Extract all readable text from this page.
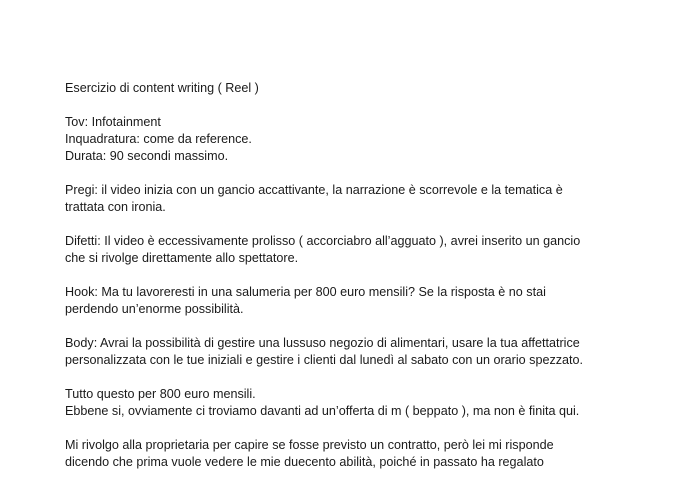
Esercizio di content writing ( Reel )

Tov: Infotainment
Inquadratura: come da reference.
Durata: 90 secondi massimo.

Pregi: il video inizia con un gancio accattivante, la narrazione è scorrevole e la tematica è
trattata con ironia.

Difetti: Il video è eccessivamente prolisso ( accorciabro all’agguato ), avrei inserito un gancio
che si rivolge direttamente allo spettatore.

Hook: Ma tu lavoreresti in una salumeria per 800 euro mensili? Se la risposta è no stai
perdendo un’enorme possibilità.

Body: Avrai la possibilità di gestire una lussuso negozio di alimentari, usare la tua affettatrice
personalizzata con le tue iniziali e gestire i clienti dal lunedì al sabato con un orario spezzato.

Tutto questo per 800 euro mensili.
Ebbene si, ovviamente ci troviamo davanti ad un’offerta di m ( beppato ), ma non è finita qui.

Mi rivolgo alla proprietaria per capire se fosse previsto un contratto, però lei mi risponde
dicendo che prima vuole vedere le mie duecento abilità, poiché in passato ha regalato
